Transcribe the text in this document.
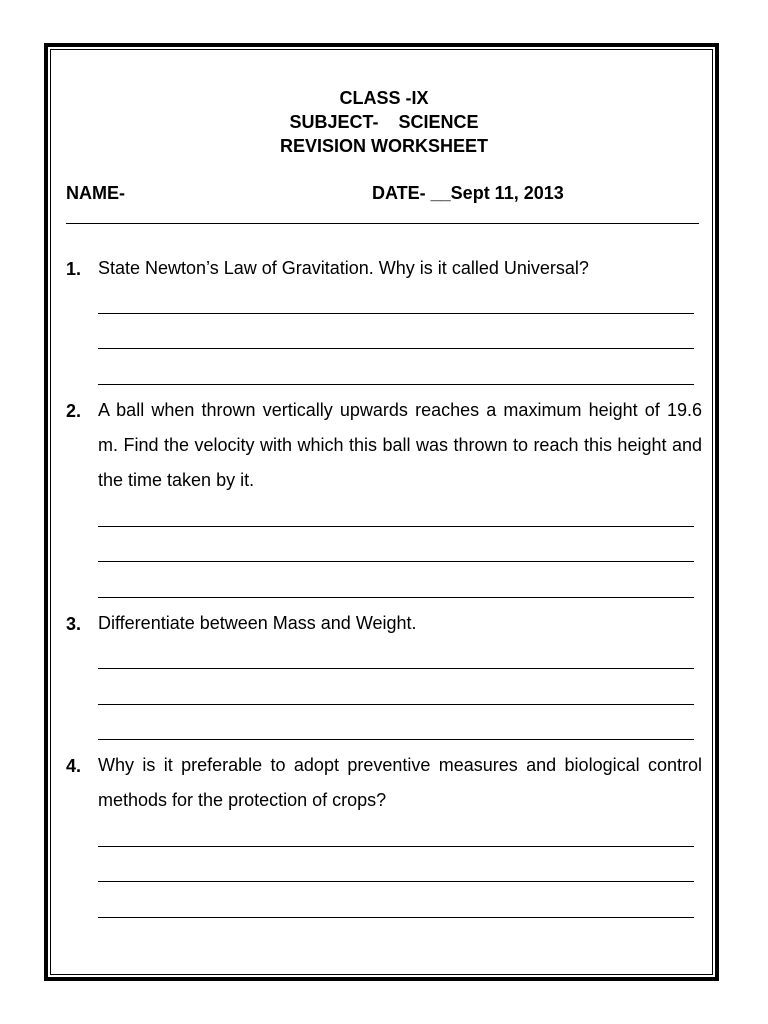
CLASS -IX
SUBJECT-    SCIENCE
REVISION WORKSHEET
NAME-	DATE- __Sept 11, 2013
1. State Newton’s Law of Gravitation. Why is it called Universal?
2. A ball when thrown vertically upwards reaches a maximum height of 19.6 m. Find the velocity with which this ball was thrown to reach this height and the time taken by it.
3. Differentiate between Mass and Weight.
4. Why is it preferable to adopt preventive measures and biological control methods for the protection of crops?
